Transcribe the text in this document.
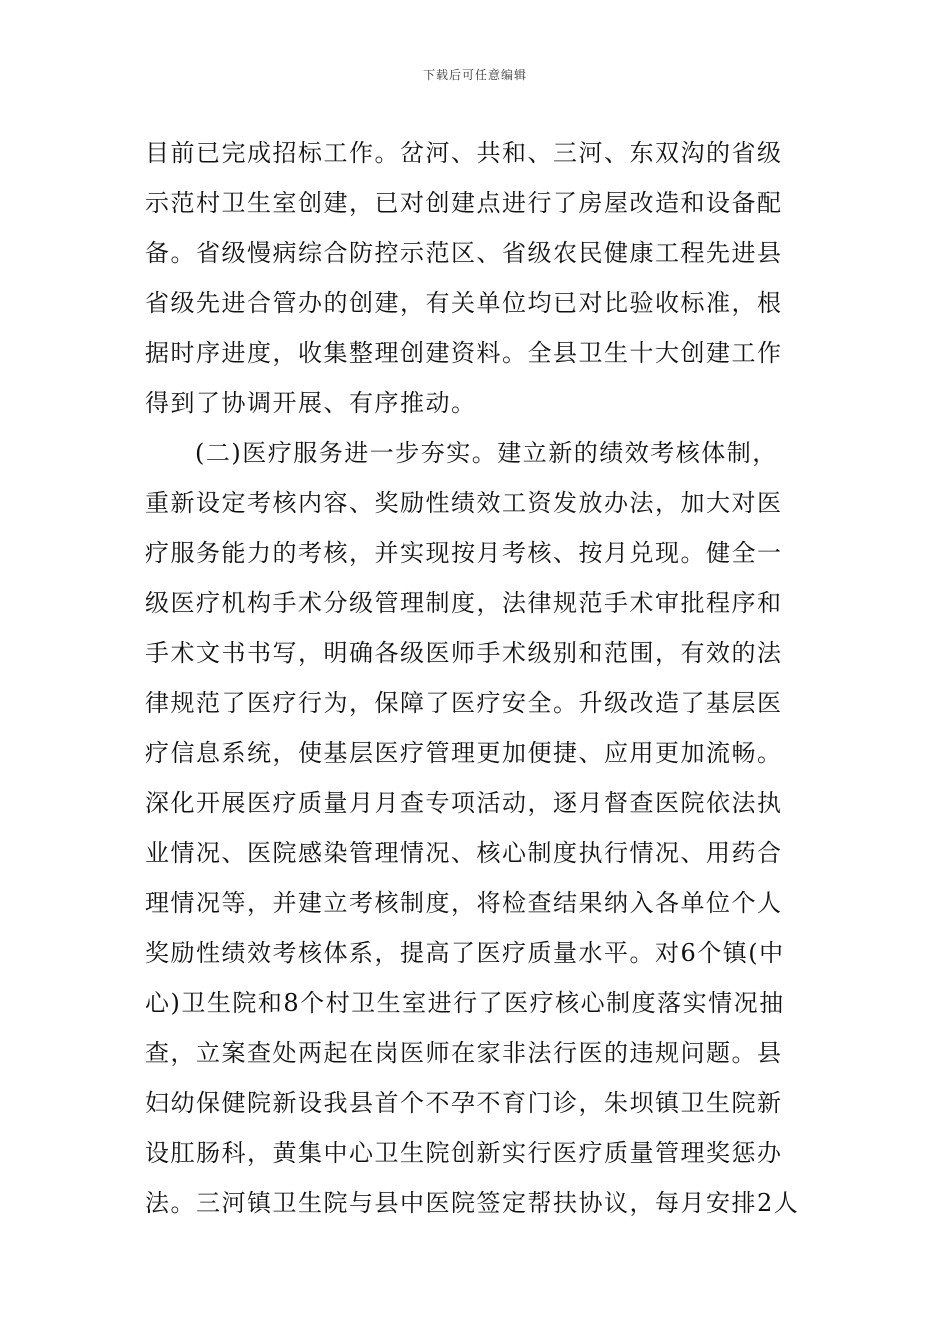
下载后可任意编辑
目前已完成招标工作。岔河、共和、三河、东双沟的省级
示范村卫生室创建，已对创建点进行了房屋改造和设备配
备。省级慢病综合防控示范区、省级农民健康工程先进县
省级先进合管办的创建，有关单位均已对比验收标准，根
据时序进度，收集整理创建资料。全县卫生十大创建工作
得到了协调开展、有序推动。
(二)医疗服务进一步夯实。建立新的绩效考核体制，
重新设定考核内容、奖励性绩效工资发放办法，加大对医
疗服务能力的考核，并实现按月考核、按月兑现。健全一
级医疗机构手术分级管理制度，法律规范手术审批程序和
手术文书书写，明确各级医师手术级别和范围，有效的法
律规范了医疗行为，保障了医疗安全。升级改造了基层医
疗信息系统，使基层医疗管理更加便捷、应用更加流畅。
深化开展医疗质量月月查专项活动，逐月督查医院依法执
业情况、医院感染管理情况、核心制度执行情况、用药合
理情况等，并建立考核制度，将检查结果纳入各单位个人
奖励性绩效考核体系，提高了医疗质量水平。对6个镇(中
心)卫生院和8个村卫生室进行了医疗核心制度落实情况抽
查，立案查处两起在岗医师在家非法行医的违规问题。县
妇幼保健院新设我县首个不孕不育门诊，朱坝镇卫生院新
设肛肠科，黄集中心卫生院创新实行医疗质量管理奖惩办
法。三河镇卫生院与县中医院签定帮扶协议，每月安排2人
